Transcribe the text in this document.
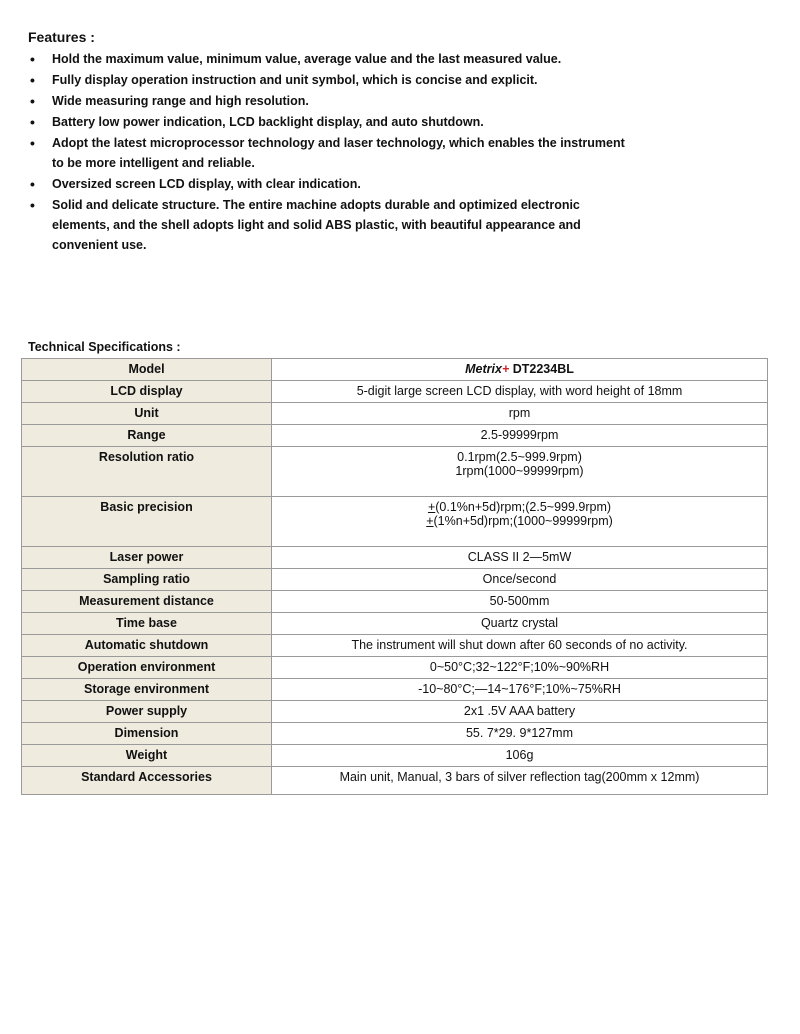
Features :
• Hold the maximum value, minimum value, average value and the last measured value.
• Fully display operation instruction and unit symbol, which is concise and explicit.
• Wide measuring range and high resolution.
• Battery low power indication, LCD backlight display, and auto shutdown.
• Adopt the latest microprocessor technology and laser technology, which enables the instrument to be more intelligent and reliable.
• Oversized screen LCD display, with clear indication.
• Solid and delicate structure. The entire machine adopts durable and optimized electronic elements, and the shell adopts light and solid ABS plastic, with beautiful appearance and convenient use.
Technical Specifications :
Model	Metrix+ DT2234BL
LCD display	5-digit large screen LCD display, with word height of 18mm
Unit	rpm
Range	2.5-99999rpm
Resolution ratio	0.1rpm(2.5~999.9rpm)
1rpm(1000~99999rpm)

Basic precision	+(0.1%n+5d)rpm;(2.5~999.9rpm)
+(1%n+5d)rpm;(1000~99999rpm)

Laser power	CLASS II 2—5mW
Sampling ratio	Once/second
Measurement distance	50-500mm
Time base	Quartz crystal
Automatic shutdown	The instrument will shut down after 60 seconds of no activity.
Operation environment	0~50°C;32~122°F;10%~90%RH
Storage environment	-10~80°C;—14~176°F;10%~75%RH
Power supply	2x1 .5V AAA battery
Dimension	55. 7*29. 9*127mm
Weight	106g
Standard Accessories	Main unit, Manual, 3 bars of silver reflection tag(200mm x 12mm)
